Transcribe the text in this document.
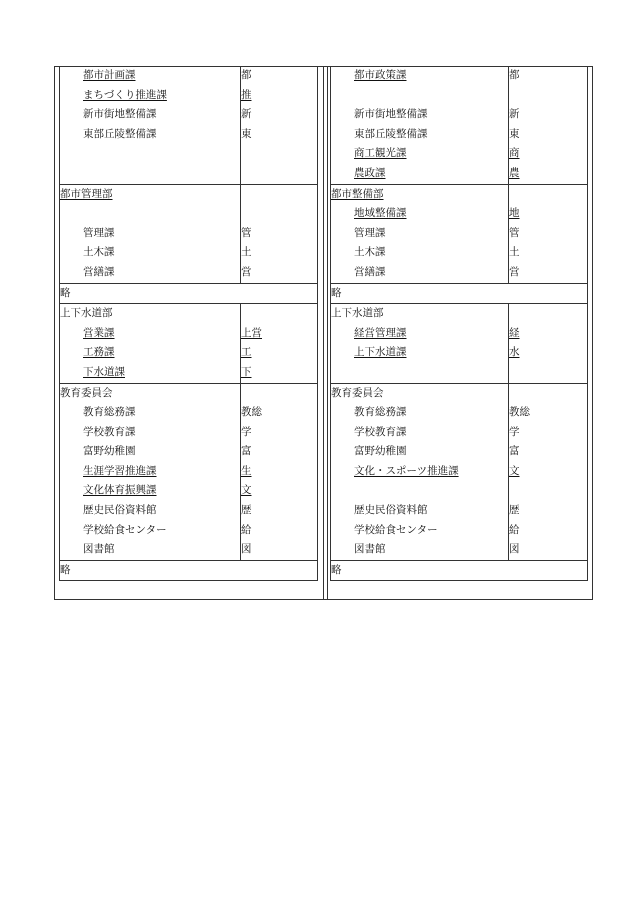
都市計画課	都
まちづくり推進課	推
新市街地整備課	新
東部丘陵整備課	東

都市管理部	

管理課	管
土木課	土
営繕課	営
略	
上下水道部	
営業課	上営
工務課	工
下水道課	下
教育委員会	
教育総務課	教総
学校教育課	学
富野幼稚園	富
生涯学習推進課	生
文化体育振興課	文
歴史民俗資料館	歴
学校給食センター	給
図書館	図
略	
都市政策課	都

新市街地整備課	新
東部丘陵整備課	東
商工観光課	商
農政課	農
都市整備部	
地域整備課	地
管理課	管
土木課	土
営繕課	営
略	
上下水道部	
経営管理課	経
上下水道課	水

教育委員会	
教育総務課	教総
学校教育課	学
富野幼稚園	富
文化・スポーツ推進課	文

歴史民俗資料館	歴
学校給食センター	給
図書館	図
略	
